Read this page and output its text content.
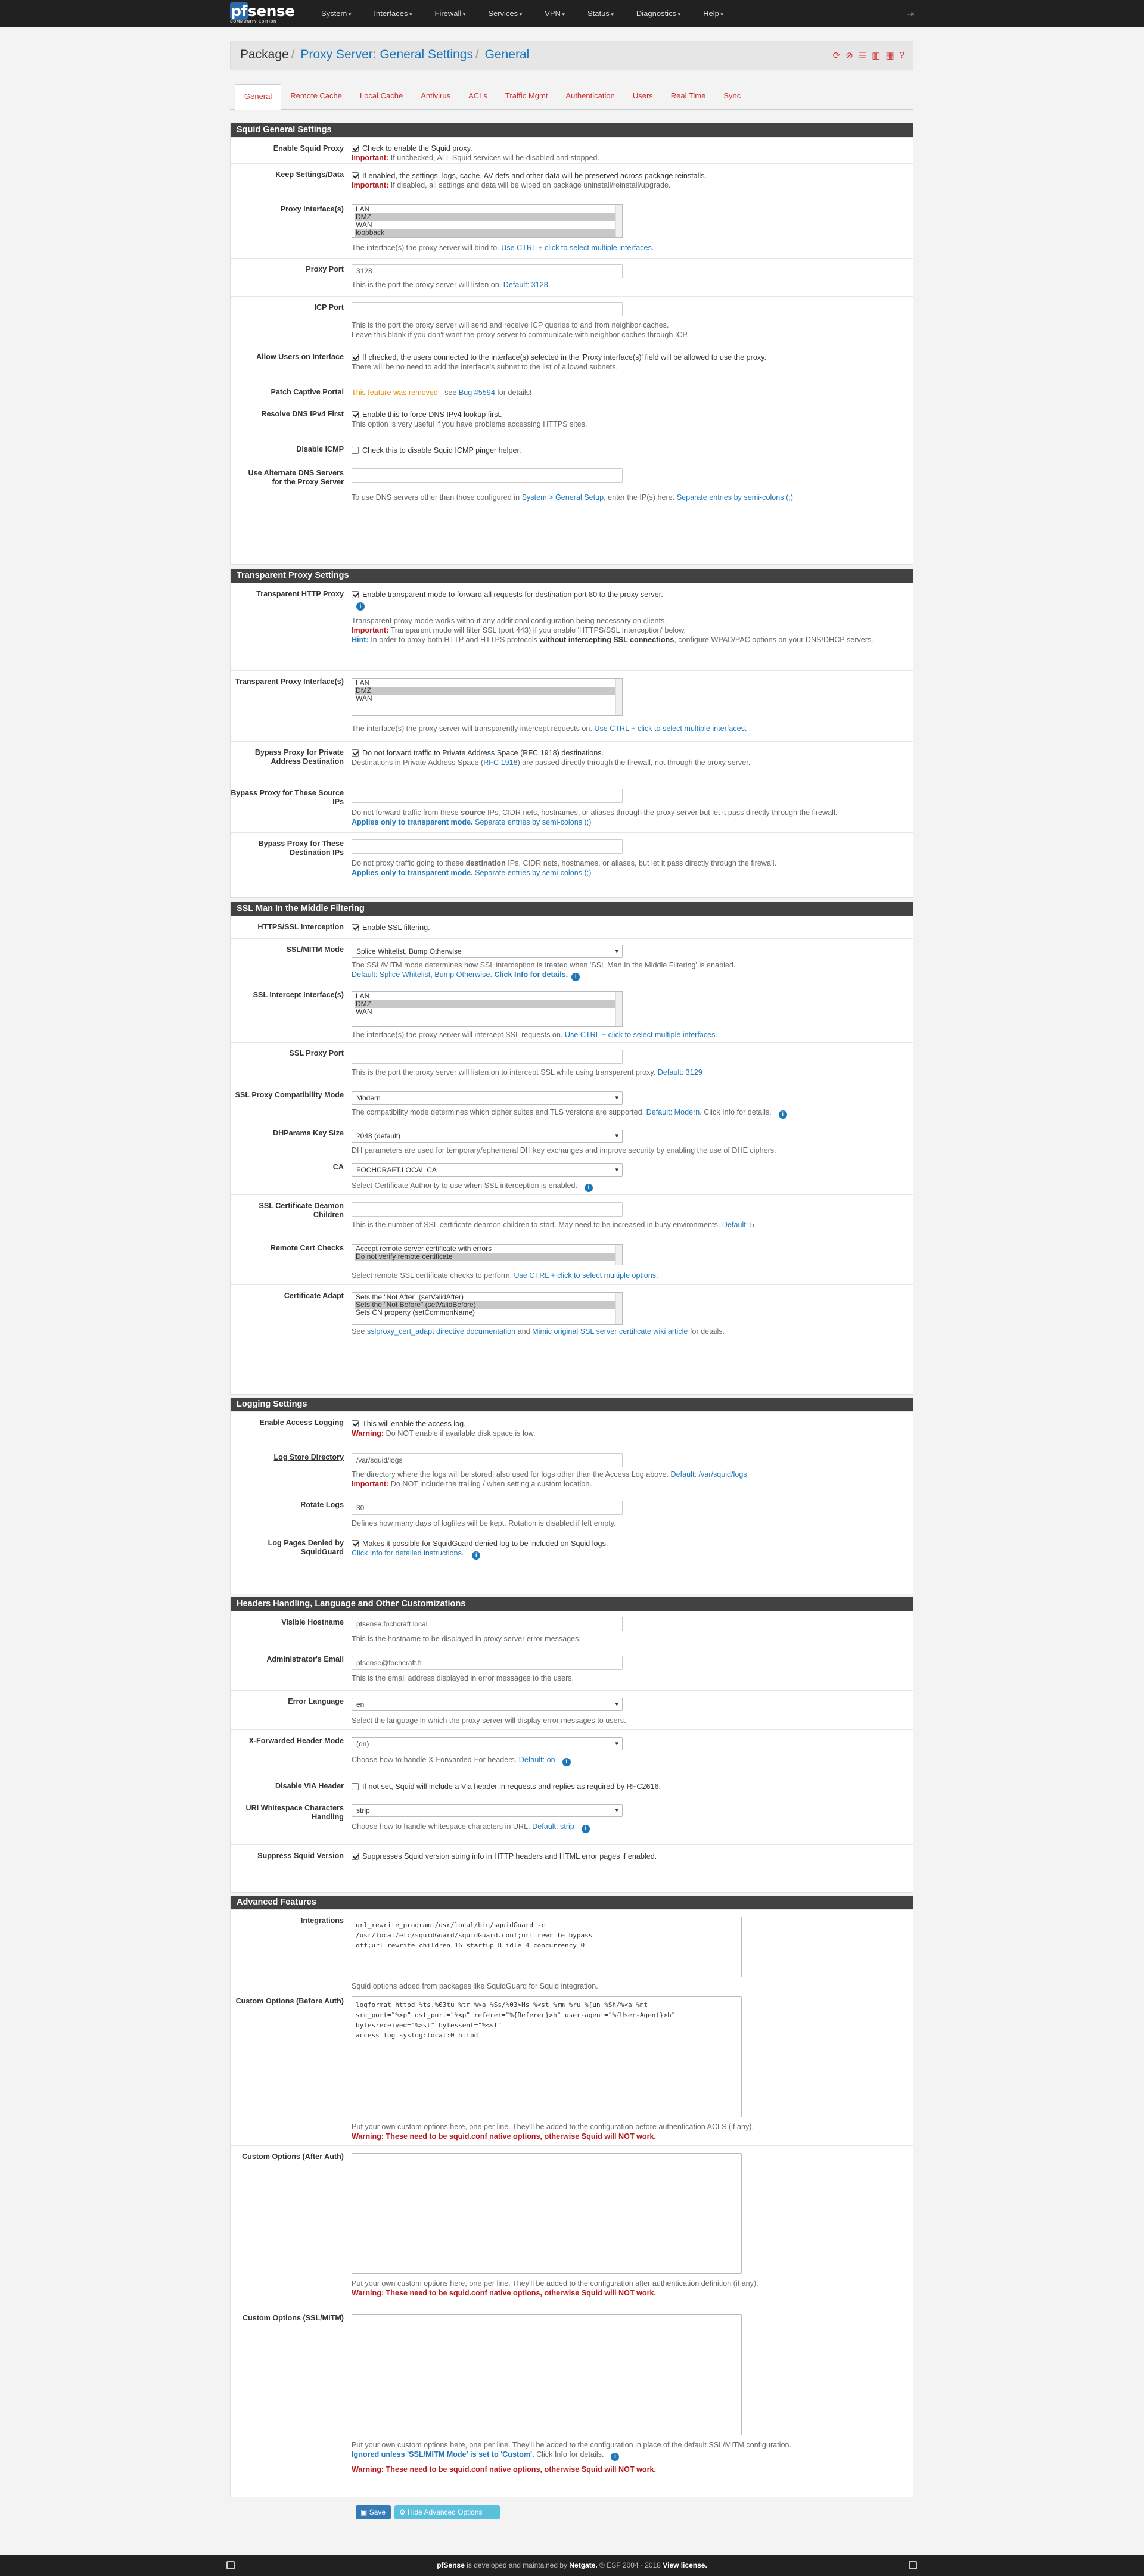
pfsense
COMMUNITY EDITION
System ▾	Interfaces ▾	Firewall ▾	Services ▾	VPN ▾	Status ▾	Diagnostics ▾	Help ▾	⇥
Package / Proxy Server: General Settings / General	⟳ ⊘ ☰ ▥ ▦ ?
General	Remote Cache	Local Cache	Antivirus	ACLs	Traffic Mgmt	Authentication	Users	Real Time	Sync
Squid General Settings
Enable Squid Proxy	Check to enable the Squid proxy.
Important: If unchecked, ALL Squid services will be disabled and stopped.
Keep Settings/Data	If enabled, the settings, logs, cache, AV defs and other data will be preserved across package reinstalls.
Important: If disabled, all settings and data will be wiped on package uninstall/reinstall/upgrade.
Proxy Interface(s) LAN
DMZ
WAN
loopback
The interface(s) the proxy server will bind to. Use CTRL + click to select multiple interfaces.
Proxy Port	3128
This is the port the proxy server will listen on. Default: 3128
ICP Port
This is the port the proxy server will send and receive ICP queries to and from neighbor caches.
Leave this blank if you don't want the proxy server to communicate with neighbor caches through ICP.
Allow Users on Interface	If checked, the users connected to the interface(s) selected in the 'Proxy interface(s)' field will be allowed to use the proxy.
There will be no need to add the interface's subnet to the list of allowed subnets.
Patch Captive Portal This feature was removed - see Bug #5594 for details!
Resolve DNS IPv4 First	Enable this to force DNS IPv4 lookup first.
This option is very useful if you have problems accessing HTTPS sites.
Disable ICMP	Check this to disable Squid ICMP pinger helper.
Use Alternate DNS Servers for the Proxy Server
To use DNS servers other than those configured in System > General Setup, enter the IP(s) here. Separate entries by semi-colons (;)
Transparent Proxy Settings
Transparent HTTP Proxy	Enable transparent mode to forward all requests for destination port 80 to the proxy server.
i
Transparent proxy mode works without any additional configuration being necessary on clients.
Important: Transparent mode will filter SSL (port 443) if you enable 'HTTPS/SSL Interception' below.
Hint: In order to proxy both HTTP and HTTPS protocols without intercepting SSL connections, configure WPAD/PAC options on your DNS/DHCP servers.
Transparent Proxy Interface(s) LAN
DMZ
WAN
The interface(s) the proxy server will transparently intercept requests on. Use CTRL + click to select multiple interfaces.
Bypass Proxy for Private Address Destination
Do not forward traffic to Private Address Space (RFC 1918) destinations.
Destinations in Private Address Space (RFC 1918) are passed directly through the firewall, not through the proxy server.
Bypass Proxy for These Source IPs
Do not forward traffic from these source IPs, CIDR nets, hostnames, or aliases through the proxy server but let it pass directly through the firewall.
Applies only to transparent mode. Separate entries by semi-colons (;)
Bypass Proxy for These Destination IPs
Do not proxy traffic going to these destination IPs, CIDR nets, hostnames, or aliases, but let it pass directly through the firewall.
Applies only to transparent mode. Separate entries by semi-colons (;)
SSL Man In the Middle Filtering
HTTPS/SSL Interception	Enable SSL filtering.
SSL/MITM Mode	Splice Whitelist, Bump Otherwise ▾
The SSL/MITM mode determines how SSL interception is treated when 'SSL Man In the Middle Filtering' is enabled.
Default: Splice Whitelist, Bump Otherwise. Click Info for details. i
SSL Intercept Interface(s) LAN
DMZ
WAN
The interface(s) the proxy server will intercept SSL requests on. Use CTRL + click to select multiple interfaces.
SSL Proxy Port
This is the port the proxy server will listen on to intercept SSL while using transparent proxy. Default: 3129
SSL Proxy Compatibility Mode	Modern ▾
The compatibility mode determines which cipher suites and TLS versions are supported. Default: Modern. Click Info for details. i
DHParams Key Size	2048 (default) ▾
DH parameters are used for temporary/ephemeral DH key exchanges and improve security by enabling the use of DHE ciphers.
CA	FOCHCRAFT.LOCAL CA ▾
Select Certificate Authority to use when SSL interception is enabled. i
SSL Certificate Deamon Children
This is the number of SSL certificate deamon children to start. May need to be increased in busy environments. Default: 5
Remote Cert Checks Accept remote server certificate with errors
Do not verify remote certificate
Select remote SSL certificate checks to perform. Use CTRL + click to select multiple options.
Certificate Adapt Sets the "Not After" (setValidAfter)
Sets the "Not Before" (setValidBefore)
Sets CN property (setCommonName)
See sslproxy_cert_adapt directive documentation and Mimic original SSL server certificate wiki article for details.
Logging Settings
Enable Access Logging	This will enable the access log.
Warning: Do NOT enable if available disk space is low.
Log Store Directory	/var/squid/logs
The directory where the logs will be stored; also used for logs other than the Access Log above. Default: /var/squid/logs
Important: Do NOT include the trailing / when setting a custom location.
Rotate Logs	30
Defines how many days of logfiles will be kept. Rotation is disabled if left empty.
Log Pages Denied by SquidGuard
Makes it possible for SquidGuard denied log to be included on Squid logs.
Click Info for detailed instructions. i
Headers Handling, Language and Other Customizations
Visible Hostname	pfsense.fochcraft.local
This is the hostname to be displayed in proxy server error messages.
Administrator's Email	pfsense@fochcraft.fr
This is the email address displayed in error messages to the users.
Error Language	en ▾
Select the language in which the proxy server will display error messages to users.
X-Forwarded Header Mode	(on) ▾
Choose how to handle X-Forwarded-For headers. Default: on i
Disable VIA Header	If not set, Squid will include a Via header in requests and replies as required by RFC2616.
URI Whitespace Characters Handling
strip ▾
Choose how to handle whitespace characters in URL. Default: strip i
Suppress Squid Version	Suppresses Squid version string info in HTTP headers and HTML error pages if enabled.
Advanced Features
Integrations
url_rewrite_program /usr/local/bin/squidGuard -c
/usr/local/etc/squidGuard/squidGuard.conf;url_rewrite_bypass
off;url_rewrite_children 16 startup=8 idle=4 concurrency=0
Squid options added from packages like SquidGuard for Squid integration.
Custom Options (Before Auth)	logformat httpd %ts.%03tu %tr %>a %Ss/%03>Hs %<st %rm %ru %[un %Sh/%<a %mt
src_port="%>p" dst_port="%<p" referer="%{Referer}>h" user-agent="%{User-Agent}>h"
bytesreceived="%>st" bytessent="%<st"
access_log syslog:local:0 httpd
Put your own custom options here, one per line. They'll be added to the configuration before authentication ACLS (if any).
Warning: These need to be squid.conf native options, otherwise Squid will NOT work.
Custom Options (After Auth)
Put your own custom options here, one per line. They'll be added to the configuration after authentication definition (if any).
Warning: These need to be squid.conf native options, otherwise Squid will NOT work.
Custom Options (SSL/MITM)
Put your own custom options here, one per line. They'll be added to the configuration in place of the default SSL/MITM configuration.
Ignored unless 'SSL/MITM Mode' is set to 'Custom'. Click Info for details. i
Warning: These need to be squid.conf native options, otherwise Squid will NOT work.
▣ Save	⚙ Hide Advanced Options
pfSense is developed and maintained by Netgate. © ESF 2004 - 2018 View license.
